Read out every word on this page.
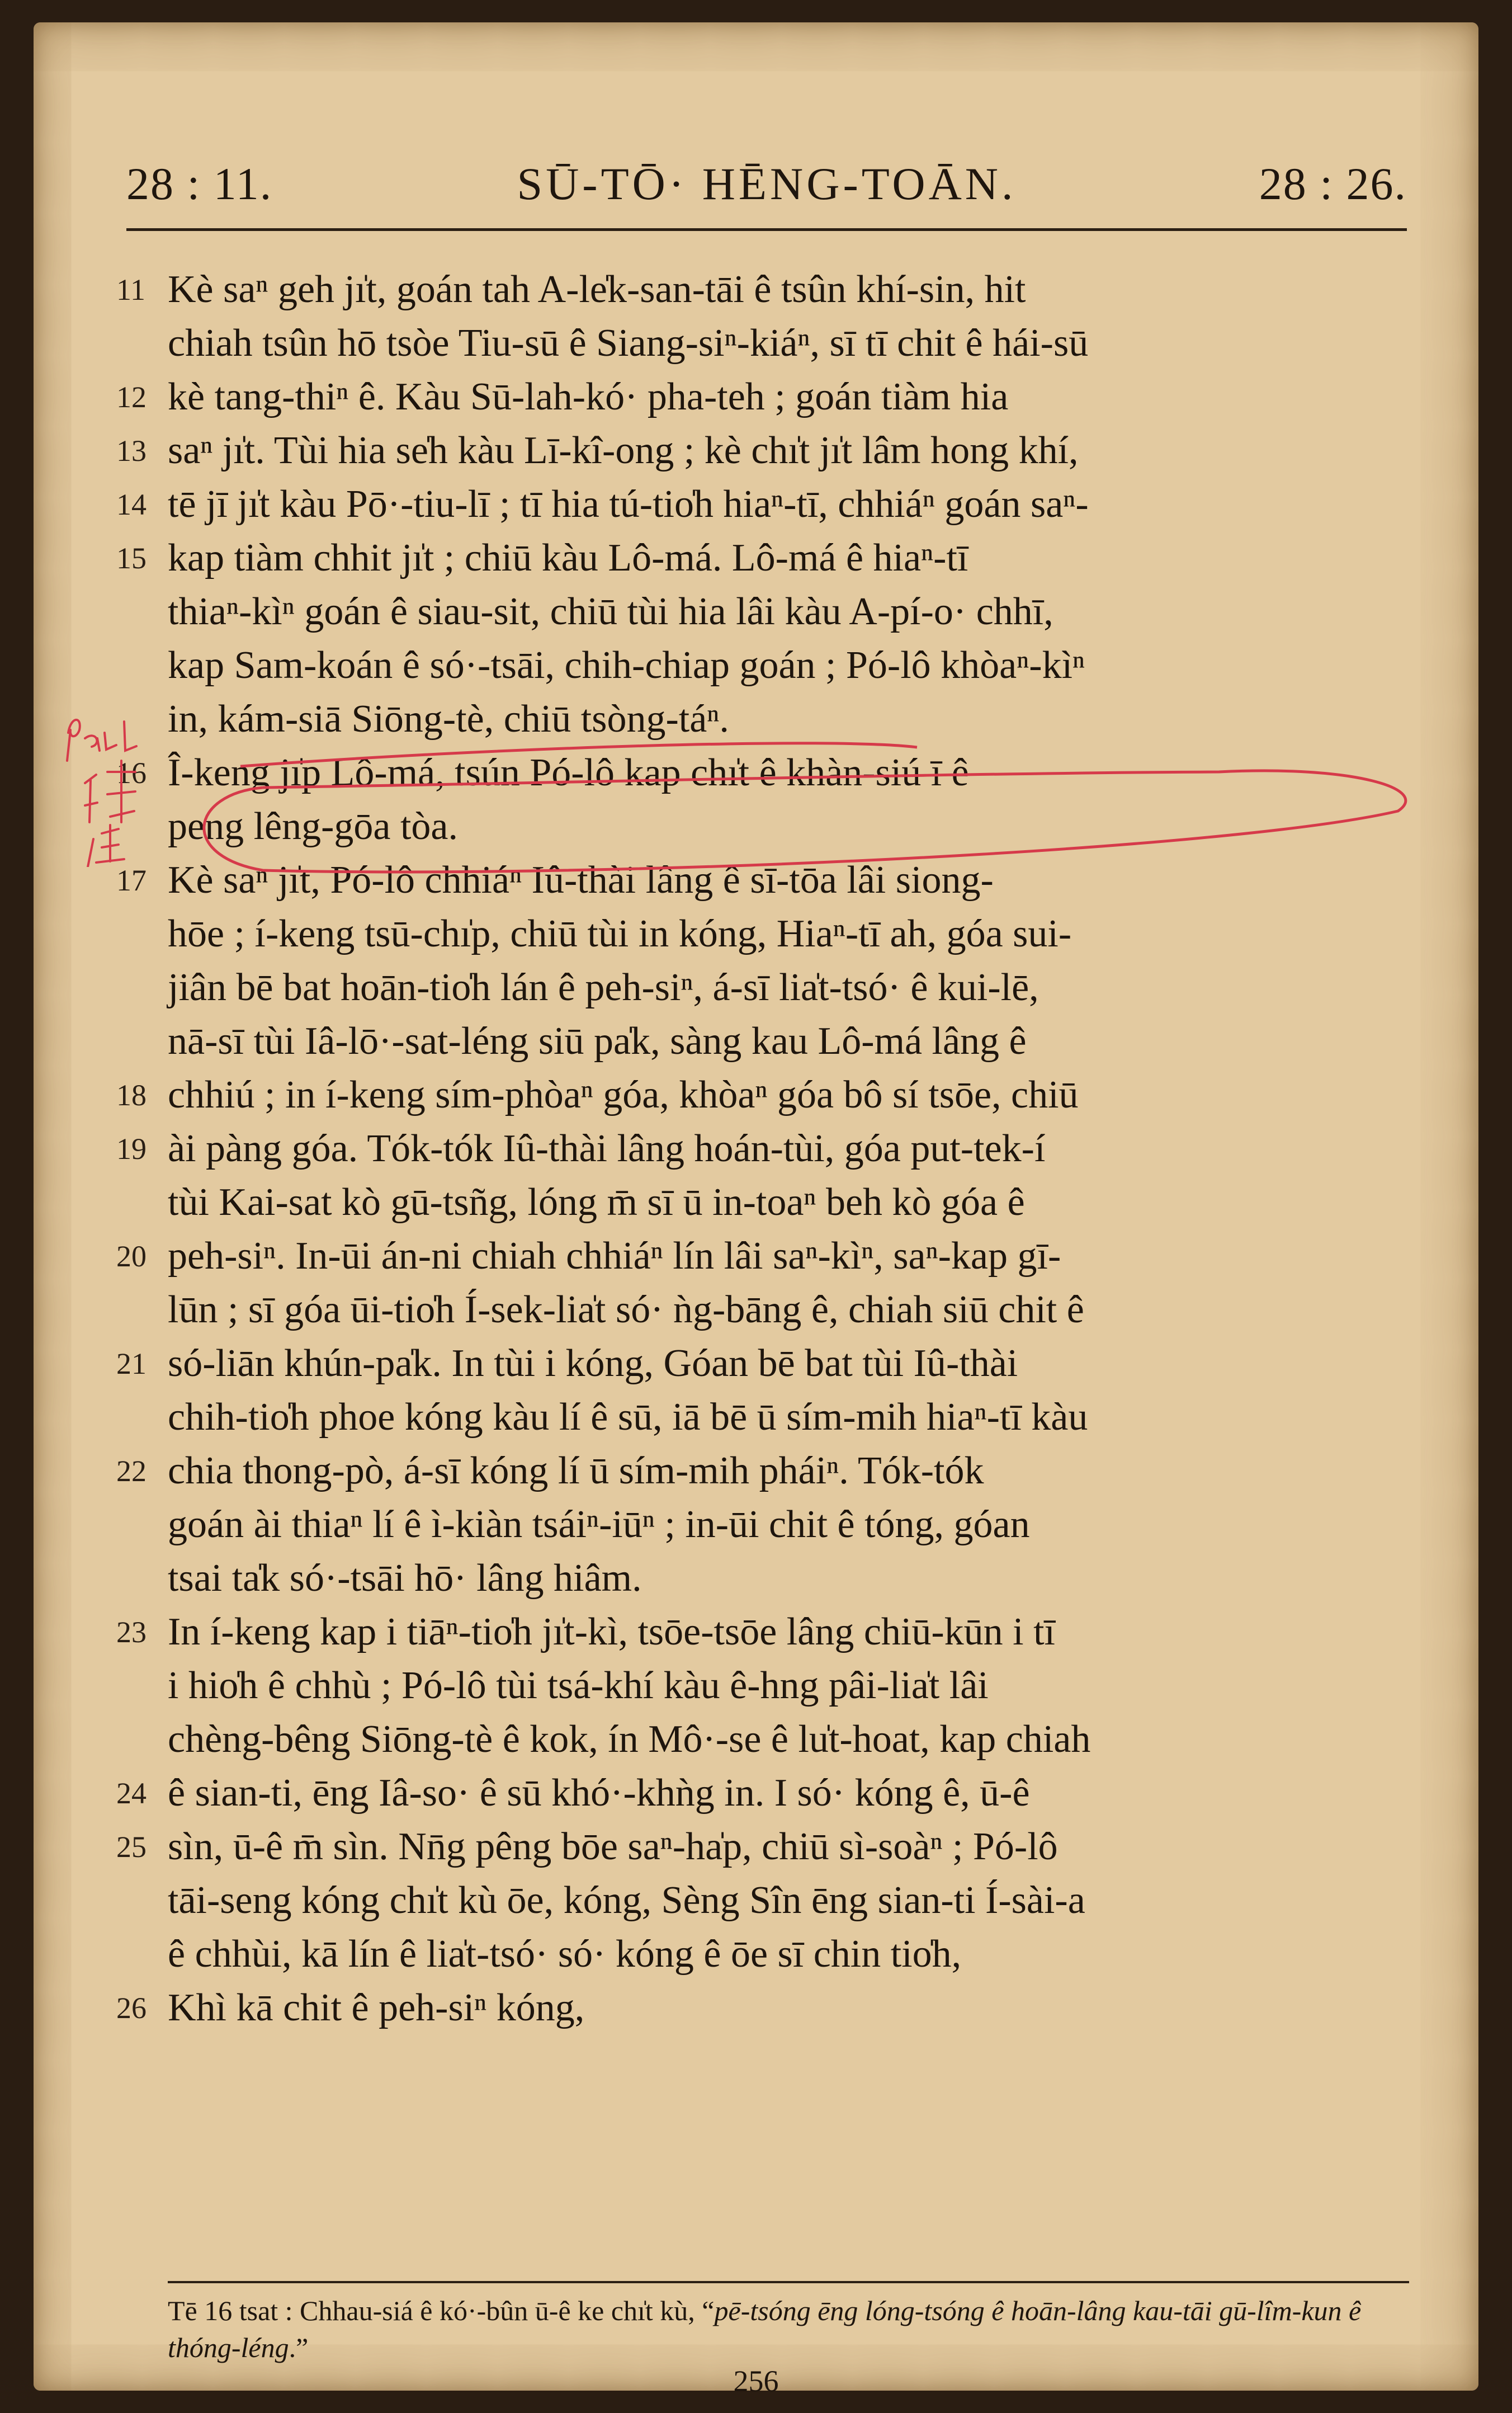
28 : 11.	SŪ-TŌ· HĒNG-TOĀN.	28 : 26.
11 Kè saⁿ geh jı̍t, goán tah A-le̍k-san-tāi ê tsûn khí-sin, hit
chiah tsûn hō tsòe Tiu-sū ê Siang-siⁿ-kiáⁿ, sī tī chit ê hái-sū
12 kè tang-thiⁿ ê. Kàu Sū-lah-kó· pha-teh ; goán tiàm hia
13 saⁿ jı̍t. Tùi hia se̍h kàu Lī-kî-ong ; kè chı̍t jı̍t lâm hong khí,
14 tē jī jı̍t kàu Pō·-tiu-lī ; tī hia tú-tio̍h hiaⁿ-tī, chhiáⁿ goán saⁿ-
15 kap tiàm chhit jı̍t ; chiū kàu Lô-má. Lô-má ê hiaⁿ-tī
thiaⁿ-kìⁿ goán ê siau-sit, chiū tùi hia lâi kàu A-pí-o· chhī,
kap Sam-koán ê só·-tsāi, chih-chiap goán ; Pó-lô khòaⁿ-kìⁿ
in, kám-siā Siōng-tè, chiū tsòng-táⁿ.
16 Î-keng jı̍p Lô-má, tsún Pó-lô kap chı̍t ê khàn-siú ī ê
peng lêng-gōa tòa.
17 Kè saⁿ jı̍t, Pó-lô chhiáⁿ Iû-thài lâng ê sī-tōa lâi siong-
hōe ; í-keng tsū-chı̍p, chiū tùi in kóng, Hiaⁿ-tī ah, góa sui-
jiân bē bat hoān-tio̍h lán ê peh-siⁿ, á-sī lia̍t-tsó· ê kui-lē,
nā-sī tùi Iâ-lō·-sat-léng siū pa̍k, sàng kau Lô-má lâng ê
18 chhiú ; in í-keng sím-phòaⁿ góa, khòaⁿ góa bô sí tsōe, chiū
19 ài pàng góa. Tók-tók Iû-thài lâng hoán-tùi, góa put-tek-í
tùi Kai-sat kò gū-tsñg, lóng m̄ sī ū in-toaⁿ beh kò góa ê
20 peh-siⁿ. In-ūi án-ni chiah chhiáⁿ lín lâi saⁿ-kìⁿ, saⁿ-kap gī-
lūn ; sī góa ūi-tio̍h Í-sek-lia̍t só· ǹg-bāng ê, chiah siū chit ê
21 só-liān khún-pa̍k. In tùi i kóng, Góan bē bat tùi Iû-thài
chih-tio̍h phoe kóng kàu lí ê sū, iā bē ū sím-mih hiaⁿ-tī kàu
22 chia thong-pò, á-sī kóng lí ū sím-mih pháiⁿ. Tók-tók
goán ài thiaⁿ lí ê ì-kiàn tsáiⁿ-iūⁿ ; in-ūi chit ê tóng, góan
tsai ta̍k só·-tsāi hō· lâng hiâm.
23 In í-keng kap i tiāⁿ-tio̍h jı̍t-kì, tsōe-tsōe lâng chiū-kūn i tī
i hio̍h ê chhù ; Pó-lô tùi tsá-khí kàu ê-hng pâi-lia̍t lâi
chèng-bêng Siōng-tè ê kok, ín Mô·-se ê lu̍t-hoat, kap chiah
24 ê sian-ti, ēng Iâ-so· ê sū khó·-khǹg in. I só· kóng ê, ū-ê
25 sìn, ū-ê m̄ sìn. Nn̄g pêng bōe saⁿ-ha̍p, chiū sì-soàⁿ ; Pó-lô
tāi-seng kóng chı̍t kù ōe, kóng, Sèng Sîn ēng sian-ti Í-sài-a
ê chhùi, kā lín ê lia̍t-tsó· só· kóng ê ōe sī chin tio̍h,
26 Khì kā chit ê peh-siⁿ kóng,
Tē 16 tsat : Chhau-siá ê kó·-bûn ū-ê ke chı̍t kù, “pē-tsóng ēng lóng-tsóng ê hoān-lâng kau-tāi gū-lîm-kun ê thóng-léng.”
256
